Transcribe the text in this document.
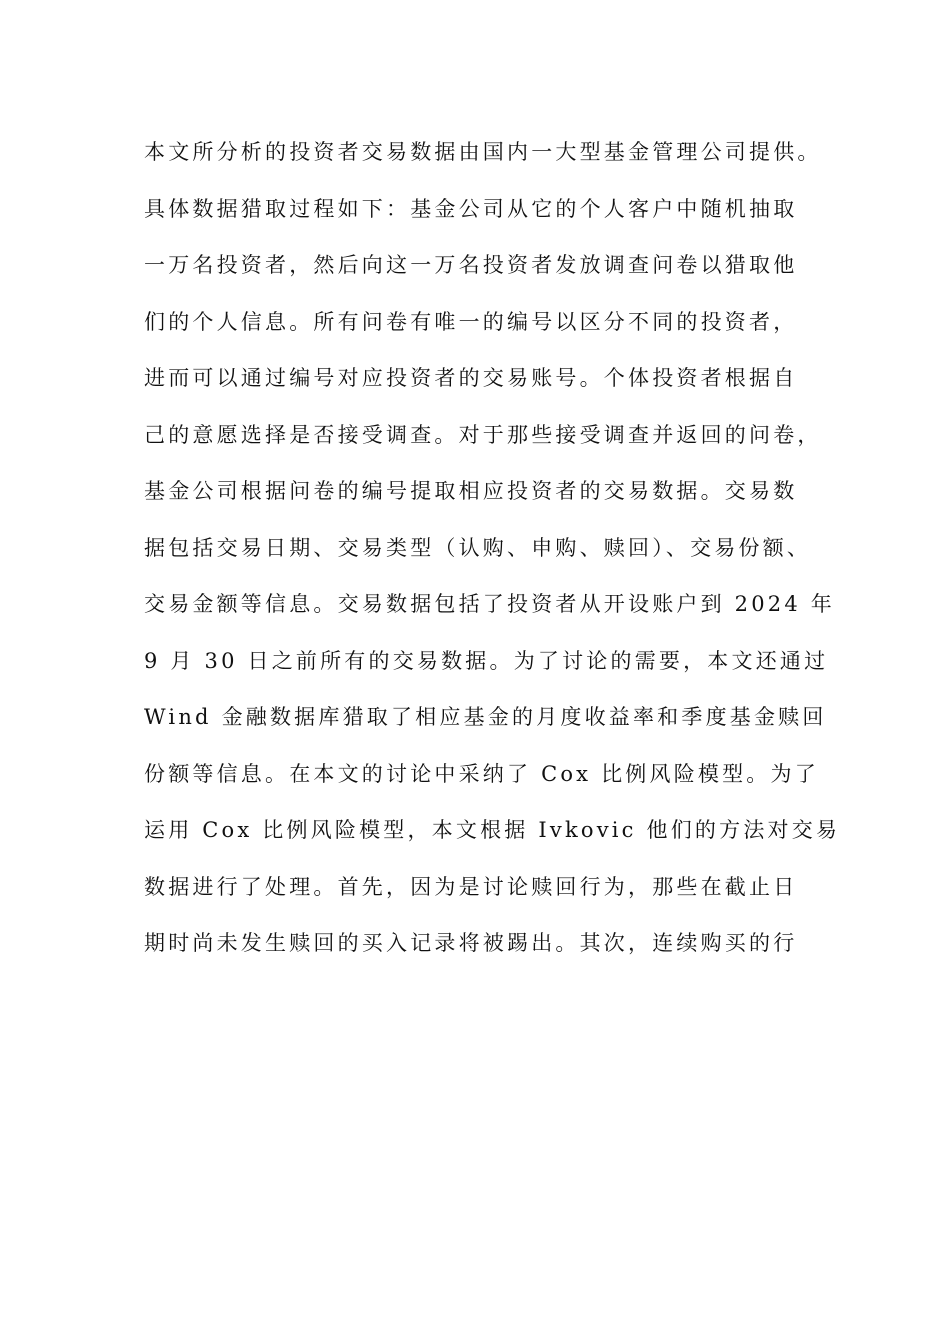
本文所分析的投资者交易数据由国内一大型基金管理公司提供。
具体数据猎取过程如下：基金公司从它的个人客户中随机抽取
一万名投资者，然后向这一万名投资者发放调查问卷以猎取他
们的个人信息。所有问卷有唯一的编号以区分不同的投资者，
进而可以通过编号对应投资者的交易账号。个体投资者根据自
己的意愿选择是否接受调查。对于那些接受调查并返回的问卷，
基金公司根据问卷的编号提取相应投资者的交易数据。交易数
据包括交易日期、交易类型（认购、申购、赎回）、交易份额、
交易金额等信息。交易数据包括了投资者从开设账户到 2024 年
9 月 30 日之前所有的交易数据。为了讨论的需要，本文还通过
Wind 金融数据库猎取了相应基金的月度收益率和季度基金赎回
份额等信息。在本文的讨论中采纳了 Cox 比例风险模型。为了
运用 Cox 比例风险模型，本文根据 Ivkovic 他们的方法对交易
数据进行了处理。首先，因为是讨论赎回行为，那些在截止日
期时尚未发生赎回的买入记录将被踢出。其次，连续购买的行
